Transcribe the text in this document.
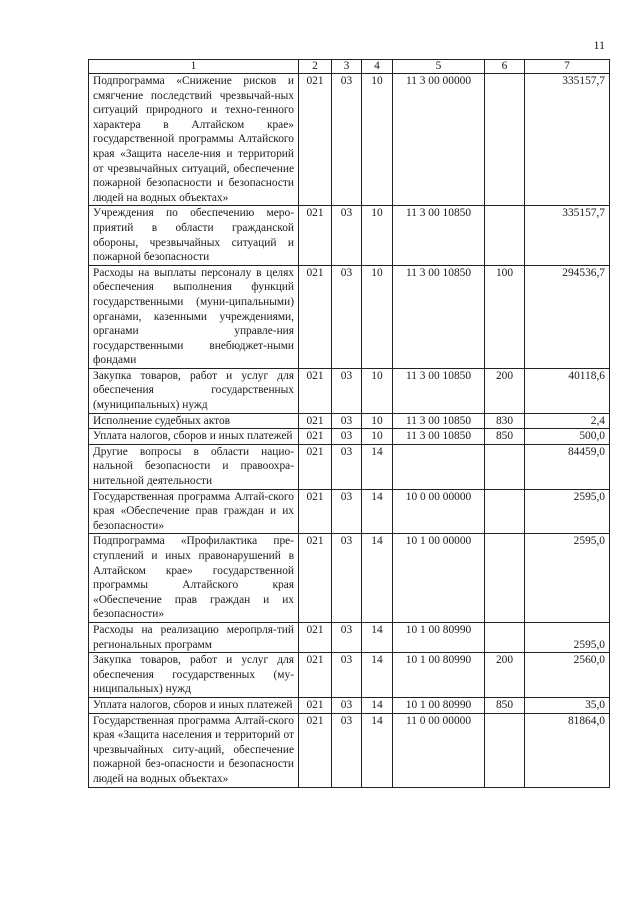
11
1	2	3	4	5	6	7
Подпрограмма «Снижение рисков и смягчение последствий чрезвычай-ных ситуаций природного и техно-генного характера в Алтайском крае» государственной программы Алтайского края «Защита населе-ния и территорий от чрезвычайных ситуаций, обеспечение пожарной безопасности и безопасности людей на водных объектах»	021	03	10	11 3 00 00000		335157,7
Учреждения по обеспечению меро-приятий в области гражданской обороны, чрезвычайных ситуаций и пожарной безопасности	021	03	10	11 3 00 10850		335157,7
Расходы на выплаты персоналу в целях обеспечения выполнения функций государственными (муни-ципальными) органами, казенными учреждениями, органами управле-ния государственными внебюджет-ными фондами	021	03	10	11 3 00 10850	100	294536,7
Закупка товаров, работ и услуг для обеспечения государственных (муниципальных) нужд	021	03	10	11 3 00 10850	200	40118,6
Исполнение судебных актов	021	03	10	11 3 00 10850	830	2,4
Уплата налогов, сборов и иных платежей	021	03	10	11 3 00 10850	850	500,0
Другие вопросы в области нацио-нальной безопасности и правоохра-нительной деятельности	021	03	14			84459,0
Государственная программа Алтай-ского края «Обеспечение прав граждан и их безопасности»	021	03	14	10 0 00 00000		2595,0
Подпрограмма «Профилактика пре-ступлений и иных правонарушений в Алтайском крае» государственной программы Алтайского края «Обеспечение прав граждан и их безопасности»	021	03	14	10 1 00 00000		2595,0
Расходы на реализацию меропрля-тий региональных программ	021	03	14	10 1 00 80990		2595,0
Закупка товаров, работ и услуг для обеспечения государственных (му-ниципальных) нужд	021	03	14	10 1 00 80990	200	2560,0
Уплата налогов, сборов и иных платежей	021	03	14	10 1 00 80990	850	35,0
Государственная программа Алтай-ского края «Защита населения и территорий от чрезвычайных ситу-аций, обеспечение пожарной без-опасности и безопасности людей на водных объектах»	021	03	14	11 0 00 00000		81864,0
